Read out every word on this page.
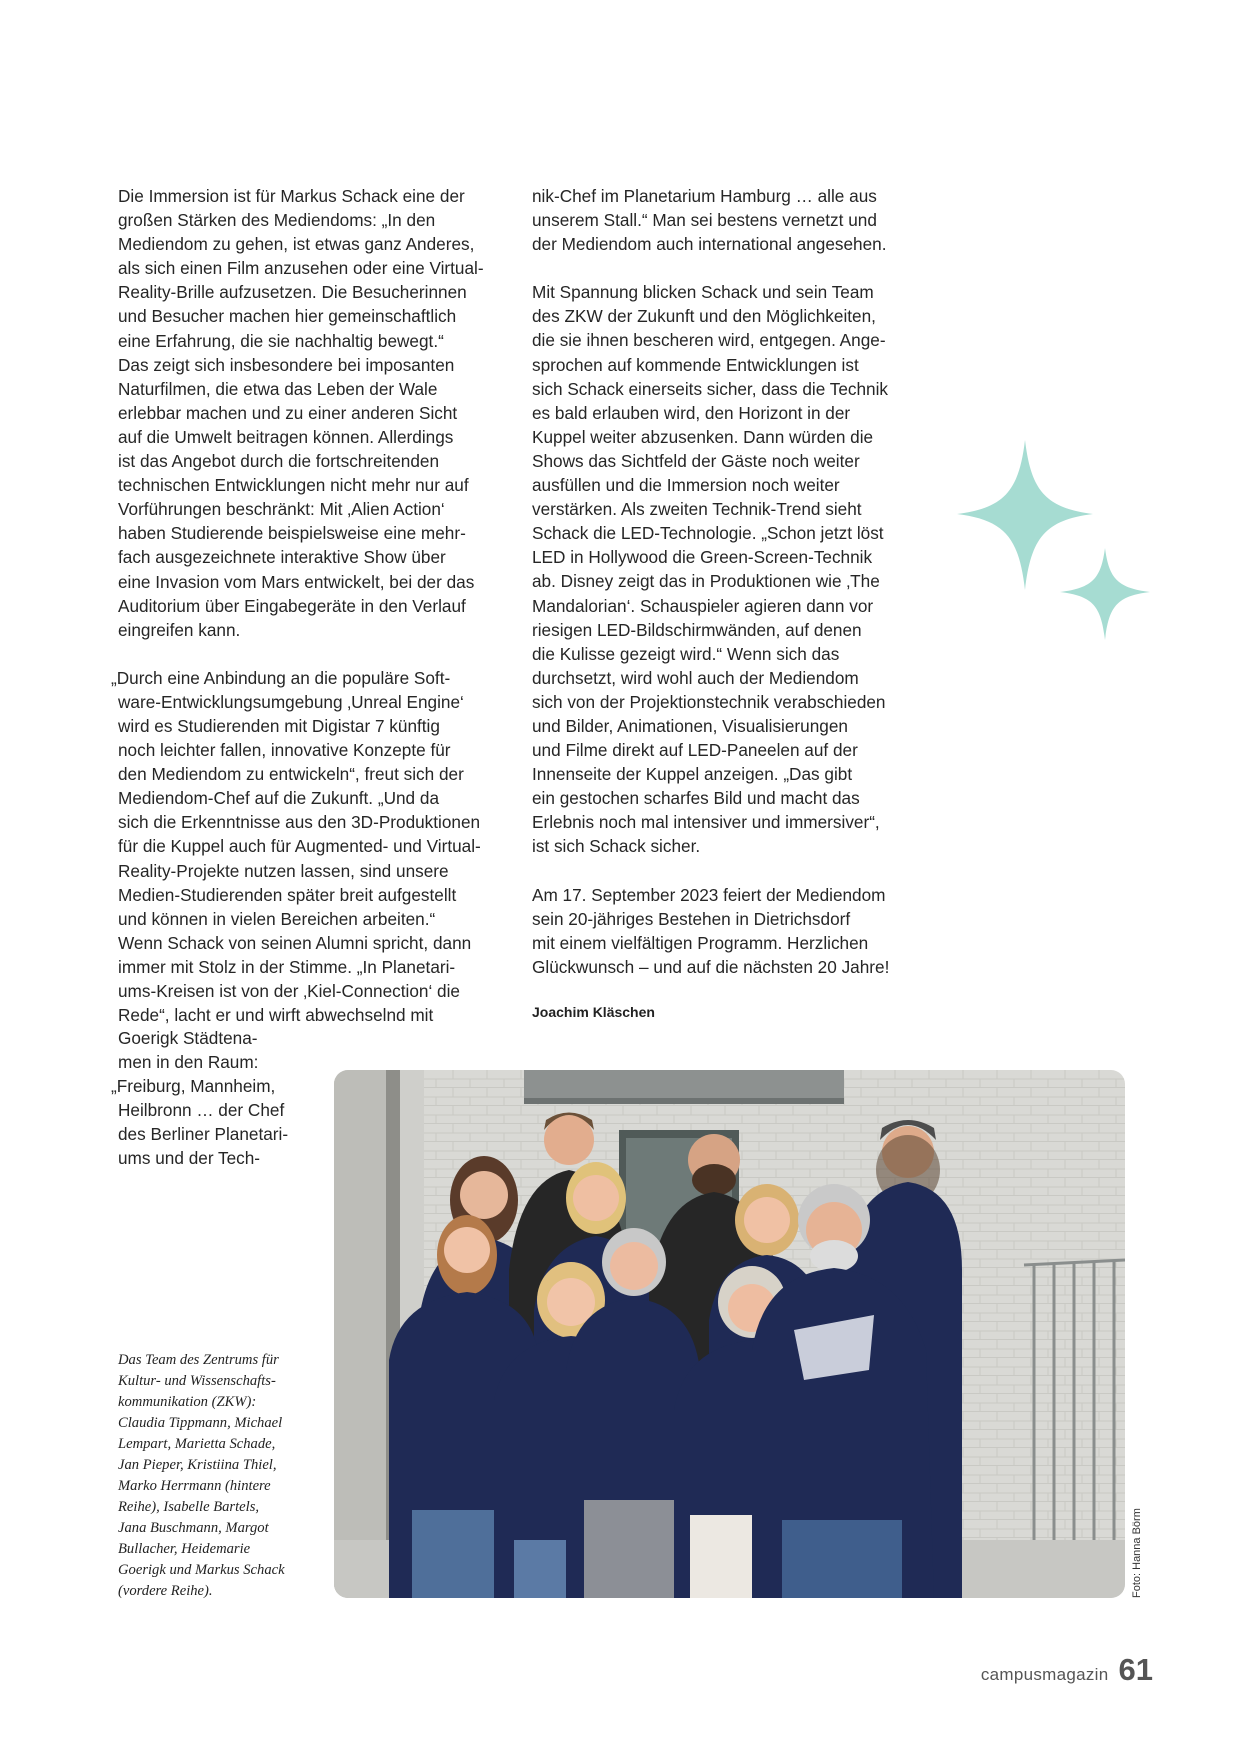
Die Immersion ist für Markus Schack eine der
großen Stärken des Mediendoms: „In den
Mediendom zu gehen, ist etwas ganz Anderes,
als sich einen Film anzusehen oder eine Virtual-
Reality-Brille aufzusetzen. Die Besucherinnen
und Besucher machen hier gemeinschaftlich
eine Erfahrung, die sie nachhaltig bewegt.“
Das zeigt sich insbesondere bei imposanten
Naturfilmen, die etwa das Leben der Wale
erlebbar machen und zu einer anderen Sicht
auf die Umwelt beitragen können. Allerdings
ist das Angebot durch die fortschreitenden
technischen Entwicklungen nicht mehr nur auf
Vorführungen beschränkt: Mit ‚Alien Action‘
haben Studierende beispielsweise eine mehr-
fach ausgezeichnete interaktive Show über
eine Invasion vom Mars entwickelt, bei der das
Auditorium über Eingabegeräte in den Verlauf
eingreifen kann.

„Durch eine Anbindung an die populäre Soft-
ware-Entwicklungsumgebung ‚Unreal Engine‘
wird es Studierenden mit Digistar 7 künftig
noch leichter fallen, innovative Konzepte für
den Mediendom zu entwickeln“, freut sich der
Mediendom-Chef auf die Zukunft. „Und da
sich die Erkenntnisse aus den 3D-Produktionen
für die Kuppel auch für Augmented- und Virtual-
Reality-Projekte nutzen lassen, sind unsere
Medien-Studierenden später breit aufgestellt
und können in vielen Bereichen arbeiten.“
Wenn Schack von seinen Alumni spricht, dann
immer mit Stolz in der Stimme. „In Planetari-
ums-Kreisen ist von der ‚Kiel-Connection‘ die
Rede“, lacht er und wirft abwechselnd mit

Goerigk Städtena-
men in den Raum:
„Freiburg, Mannheim,
Heilbronn … der Chef
des Berliner Planetari-
ums und der Tech-

nik-Chef im Planetarium Hamburg … alle aus
unserem Stall.“ Man sei bestens vernetzt und
der Mediendom auch international angesehen.

Mit Spannung blicken Schack und sein Team
des ZKW der Zukunft und den Möglichkeiten,
die sie ihnen bescheren wird, entgegen. Ange-
sprochen auf kommende Entwicklungen ist
sich Schack einerseits sicher, dass die Technik
es bald erlauben wird, den Horizont in der
Kuppel weiter abzusenken. Dann würden die
Shows das Sichtfeld der Gäste noch weiter
ausfüllen und die Immersion noch weiter
verstärken. Als zweiten Technik-Trend sieht
Schack die LED-Technologie. „Schon jetzt löst
LED in Hollywood die Green-Screen-Technik
ab. Disney zeigt das in Produktionen wie ‚The
Mandalorian‘. Schauspieler agieren dann vor
riesigen LED-Bildschirmwänden, auf denen
die Kulisse gezeigt wird.“ Wenn sich das
durchsetzt, wird wohl auch der Mediendom
sich von der Projektionstechnik verabschieden
und Bilder, Animationen, Visualisierungen
und Filme direkt auf LED-Paneelen auf der
Innenseite der Kuppel anzeigen. „Das gibt
ein gestochen scharfes Bild und macht das
Erlebnis noch mal intensiver und immersiver“,
ist sich Schack sicher.

Am 17. September 2023 feiert der Mediendom
sein 20-jähriges Bestehen in Dietrichsdorf
mit einem vielfältigen Programm. Herzlichen
Glückwunsch – und auf die nächsten 20 Jahre!

Joachim Kläschen
Das Team des Zentrums für
Kultur- und Wissenschafts-
kommunikation (ZKW):
Claudia Tippmann, Michael
Lempart, Marietta Schade,
Jan Pieper, Kristiina Thiel,
Marko Herrmann (hintere
Reihe), Isabelle Bartels,
Jana Buschmann, Margot
Bullacher, Heidemarie
Goerigk und Markus Schack
(vordere Reihe).	Foto: Hanna Börm
campusmagazin 61
